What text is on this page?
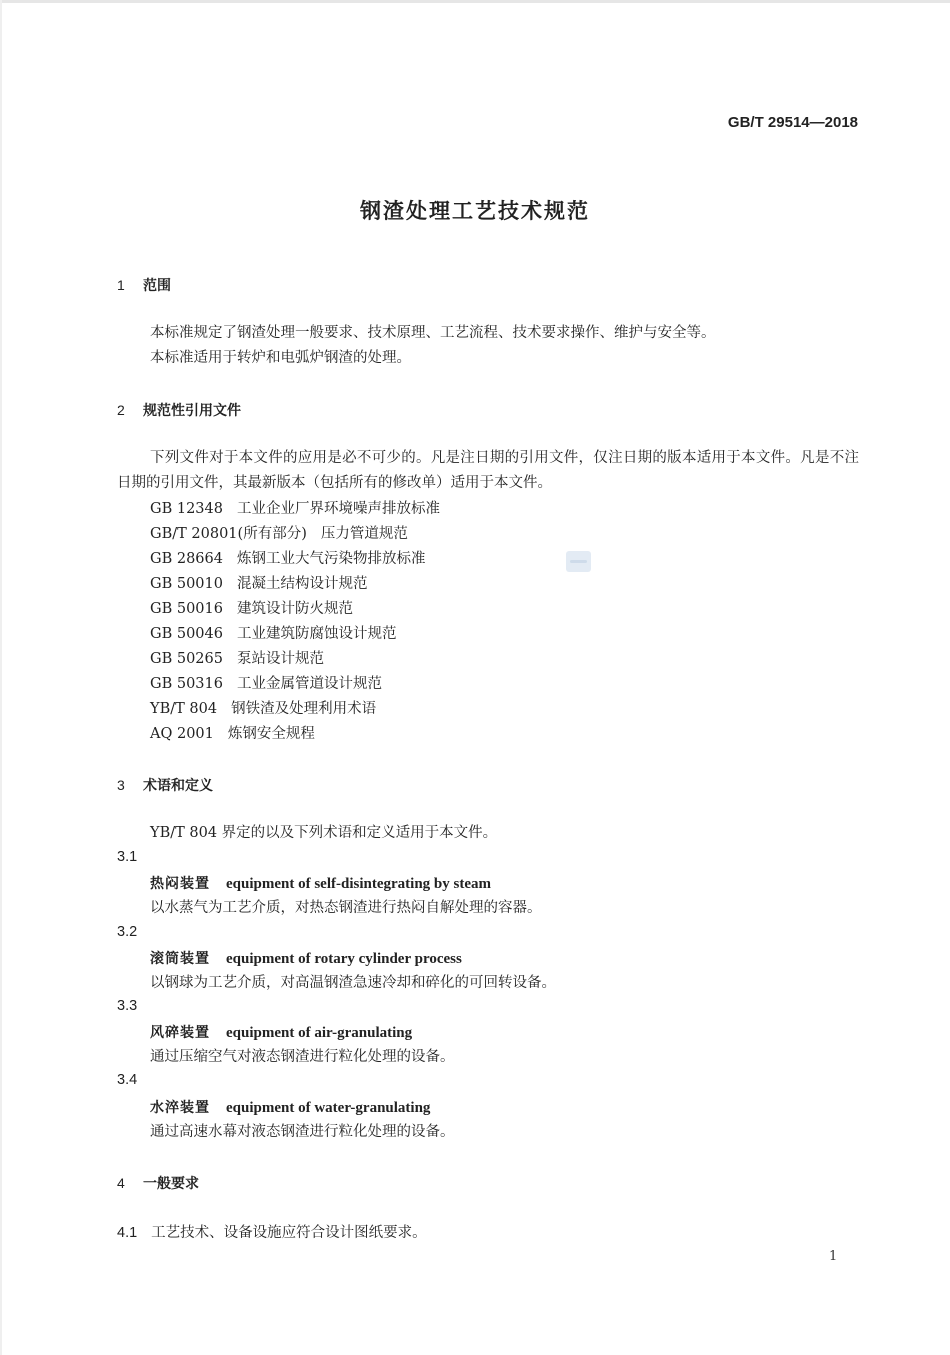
GB/T 29514—2018
钢渣处理工艺技术规范
1 范围
本标准规定了钢渣处理一般要求、技术原理、工艺流程、技术要求操作、维护与安全等。
本标准适用于转炉和电弧炉钢渣的处理。
2 规范性引用文件
下列文件对于本文件的应用是必不可少的。凡是注日期的引用文件，仅注日期的版本适用于本文件。凡是不注日期的引用文件，其最新版本（包括所有的修改单）适用于本文件。
GB 12348 工业企业厂界环境噪声排放标准
GB/T 20801(所有部分) 压力管道规范
GB 28664 炼钢工业大气污染物排放标准
GB 50010 混凝土结构设计规范
GB 50016 建筑设计防火规范
GB 50046 工业建筑防腐蚀设计规范
GB 50265 泵站设计规范
GB 50316 工业金属管道设计规范
YB/T 804 钢铁渣及处理利用术语
AQ 2001 炼钢安全规程
3 术语和定义
YB/T 804 界定的以及下列术语和定义适用于本文件。
3.1
热闷装置 equipment of self-disintegrating by steam
以水蒸气为工艺介质，对热态钢渣进行热闷自解处理的容器。
3.2
滚筒装置 equipment of rotary cylinder process
以钢球为工艺介质，对高温钢渣急速冷却和碎化的可回转设备。
3.3
风碎装置 equipment of air-granulating
通过压缩空气对液态钢渣进行粒化处理的设备。
3.4
水淬装置 equipment of water-granulating
通过高速水幕对液态钢渣进行粒化处理的设备。
4 一般要求
4.1 工艺技术、设备设施应符合设计图纸要求。
1
